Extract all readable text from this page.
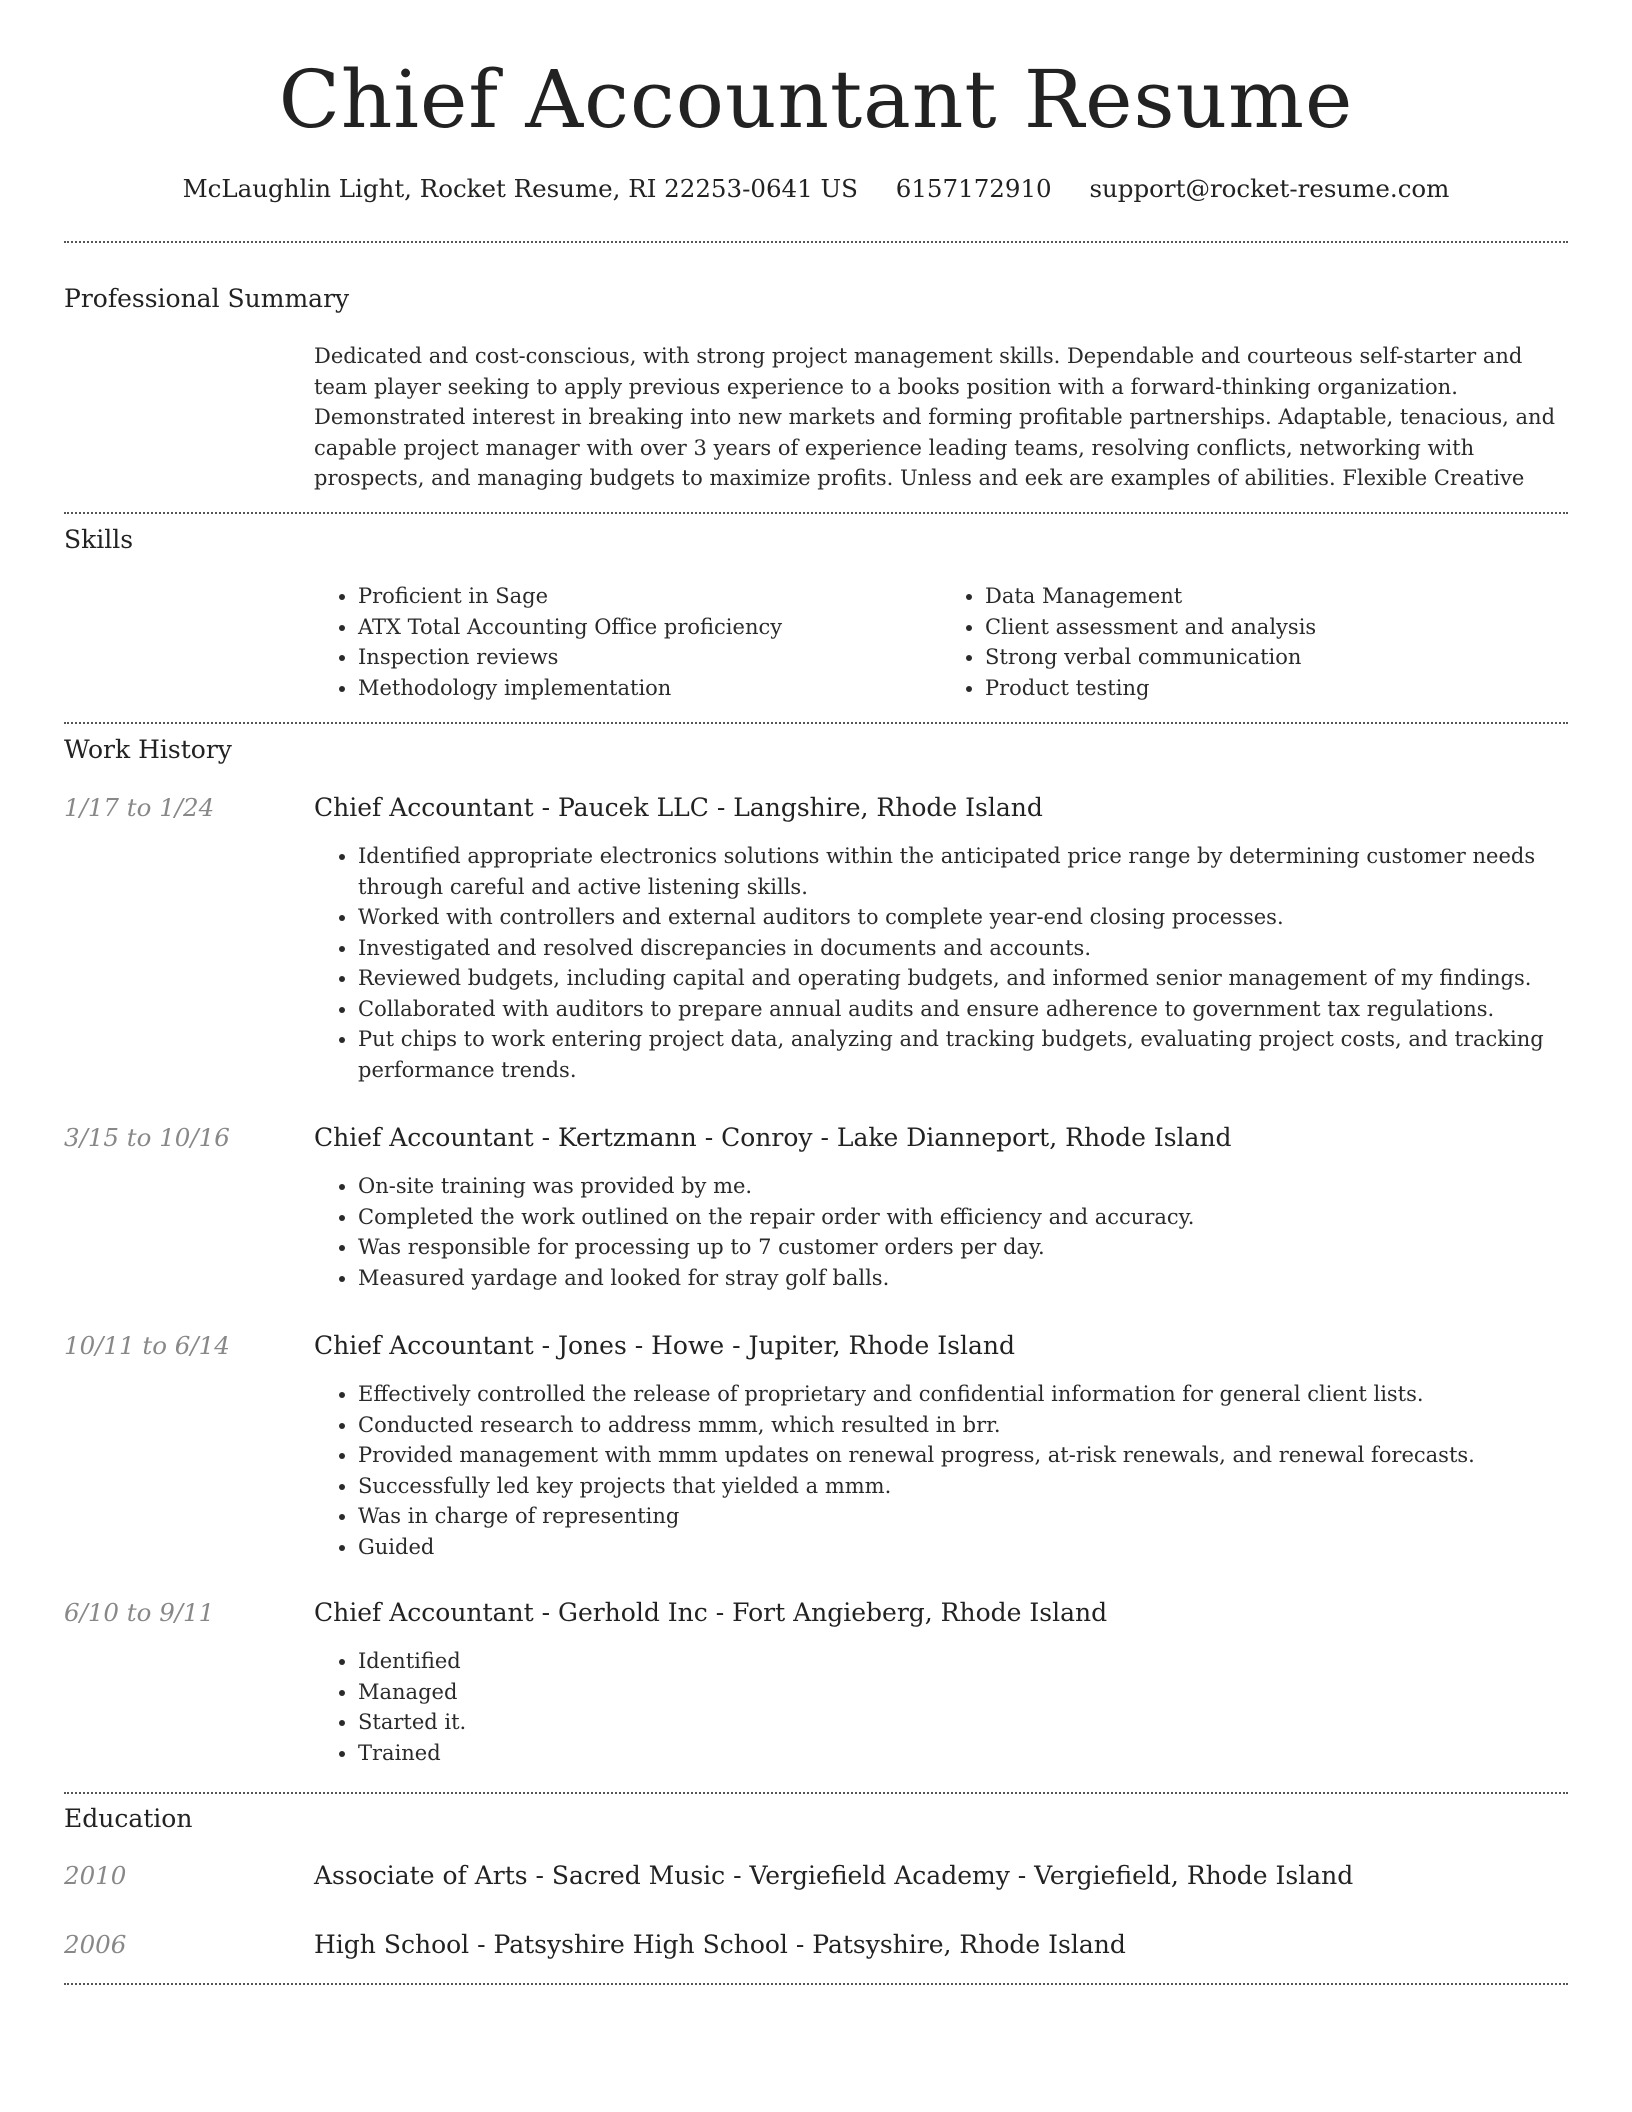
Chief Accountant Resume
McLaughlin Light, Rocket Resume, RI 22253-0641 US 6157172910 support@rocket-resume.com
Professional Summary

Dedicated and cost-conscious, with strong project management skills. Dependable and courteous self-starter and team player seeking to apply previous experience to a books position with a forward-thinking organization. Demonstrated interest in breaking into new markets and forming profitable partnerships. Adaptable, tenacious, and capable project manager with over 3 years of experience leading teams, resolving conflicts, networking with prospects, and managing budgets to maximize profits. Unless and eek are examples of abilities. Flexible Creative

Skills
• Proficient in Sage
• ATX Total Accounting Office proficiency
• Inspection reviews
• Methodology implementation
• Data Management
• Client assessment and analysis
• Strong verbal communication
• Product testing
Work History
1/17 to 1/24	Chief Accountant - Paucek LLC - Langshire, Rhode Island
• Identified appropriate electronics solutions within the anticipated price range by determining customer needs through careful and active listening skills.
• Worked with controllers and external auditors to complete year-end closing processes.
• Investigated and resolved discrepancies in documents and accounts.
• Reviewed budgets, including capital and operating budgets, and informed senior management of my findings.
• Collaborated with auditors to prepare annual audits and ensure adherence to government tax regulations.
• Put chips to work entering project data, analyzing and tracking budgets, evaluating project costs, and tracking performance trends.
3/15 to 10/16	Chief Accountant - Kertzmann - Conroy - Lake Dianneport, Rhode Island
• On-site training was provided by me.
• Completed the work outlined on the repair order with efficiency and accuracy.
• Was responsible for processing up to 7 customer orders per day.
• Measured yardage and looked for stray golf balls.
10/11 to 6/14	Chief Accountant - Jones - Howe - Jupiter, Rhode Island
• Effectively controlled the release of proprietary and confidential information for general client lists.
• Conducted research to address mmm, which resulted in brr.
• Provided management with mmm updates on renewal progress, at-risk renewals, and renewal forecasts.
• Successfully led key projects that yielded a mmm.
• Was in charge of representing
• Guided
6/10 to 9/11	Chief Accountant - Gerhold Inc - Fort Angieberg, Rhode Island
• Identified
• Managed
• Started it.
• Trained
Education
2010	Associate of Arts - Sacred Music - Vergiefield Academy - Vergiefield, Rhode Island
2006	High School - Patsyshire High School - Patsyshire, Rhode Island
